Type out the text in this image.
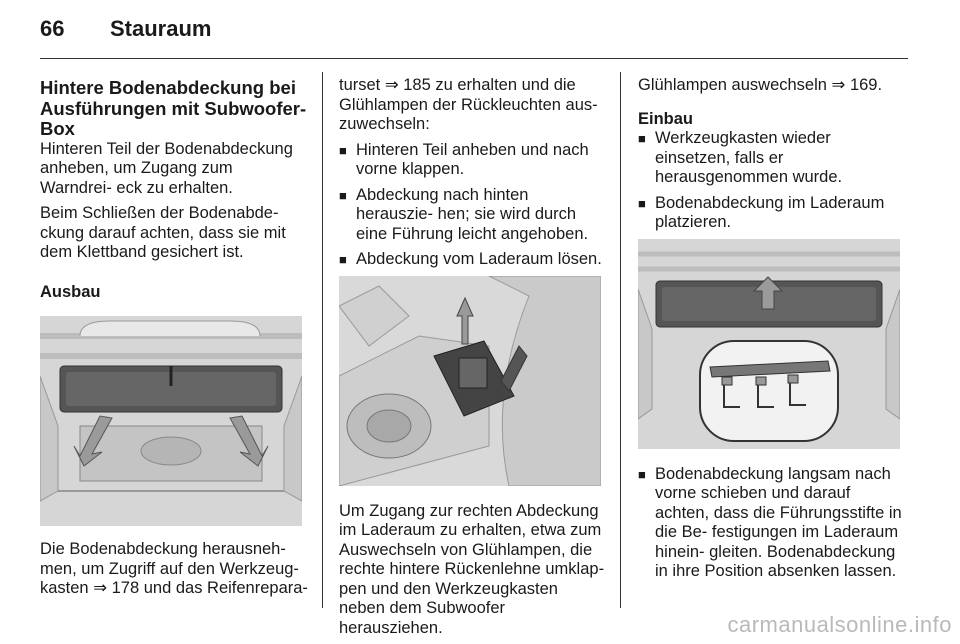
66 Stauraum
Hintere Bodenabdeckung bei Ausführungen mit Subwoofer-Box

Hinteren Teil der Bodenabdeckung anheben, um Zugang zum Warndrei- eck zu erhalten.

Beim Schließen der Bodenabde- ckung darauf achten, dass sie mit dem Klettband gesichert ist.

Ausbau

Die Bodenabdeckung herausneh- men, um Zugriff auf den Werkzeug- kasten ⇒ 178 und das Reifenrepara-

turset ⇒ 185 zu erhalten und die Glühlampen der Rückleuchten aus- zuwechseln:

■ Hinteren Teil anheben und nach vorne klappen.
■ Abdeckung nach hinten herauszie- hen; sie wird durch eine Führung leicht angehoben.
■ Abdeckung vom Laderaum lösen.

Um Zugang zur rechten Abdeckung im Laderaum zu erhalten, etwa zum Auswechseln von Glühlampen, die rechte hintere Rückenlehne umklap- pen und den Werkzeugkasten neben dem Subwoofer herausziehen.

Glühlampen auswechseln ⇒ 169.

Einbau
■ Werkzeugkasten wieder einsetzen, falls er herausgenommen wurde.
■ Bodenabdeckung im Laderaum platzieren.
■ Bodenabdeckung langsam nach vorne schieben und darauf achten, dass die Führungsstifte in die Be- festigungen im Laderaum hinein- gleiten. Bodenabdeckung in ihre Position absenken lassen.
carmanualsonline.info
